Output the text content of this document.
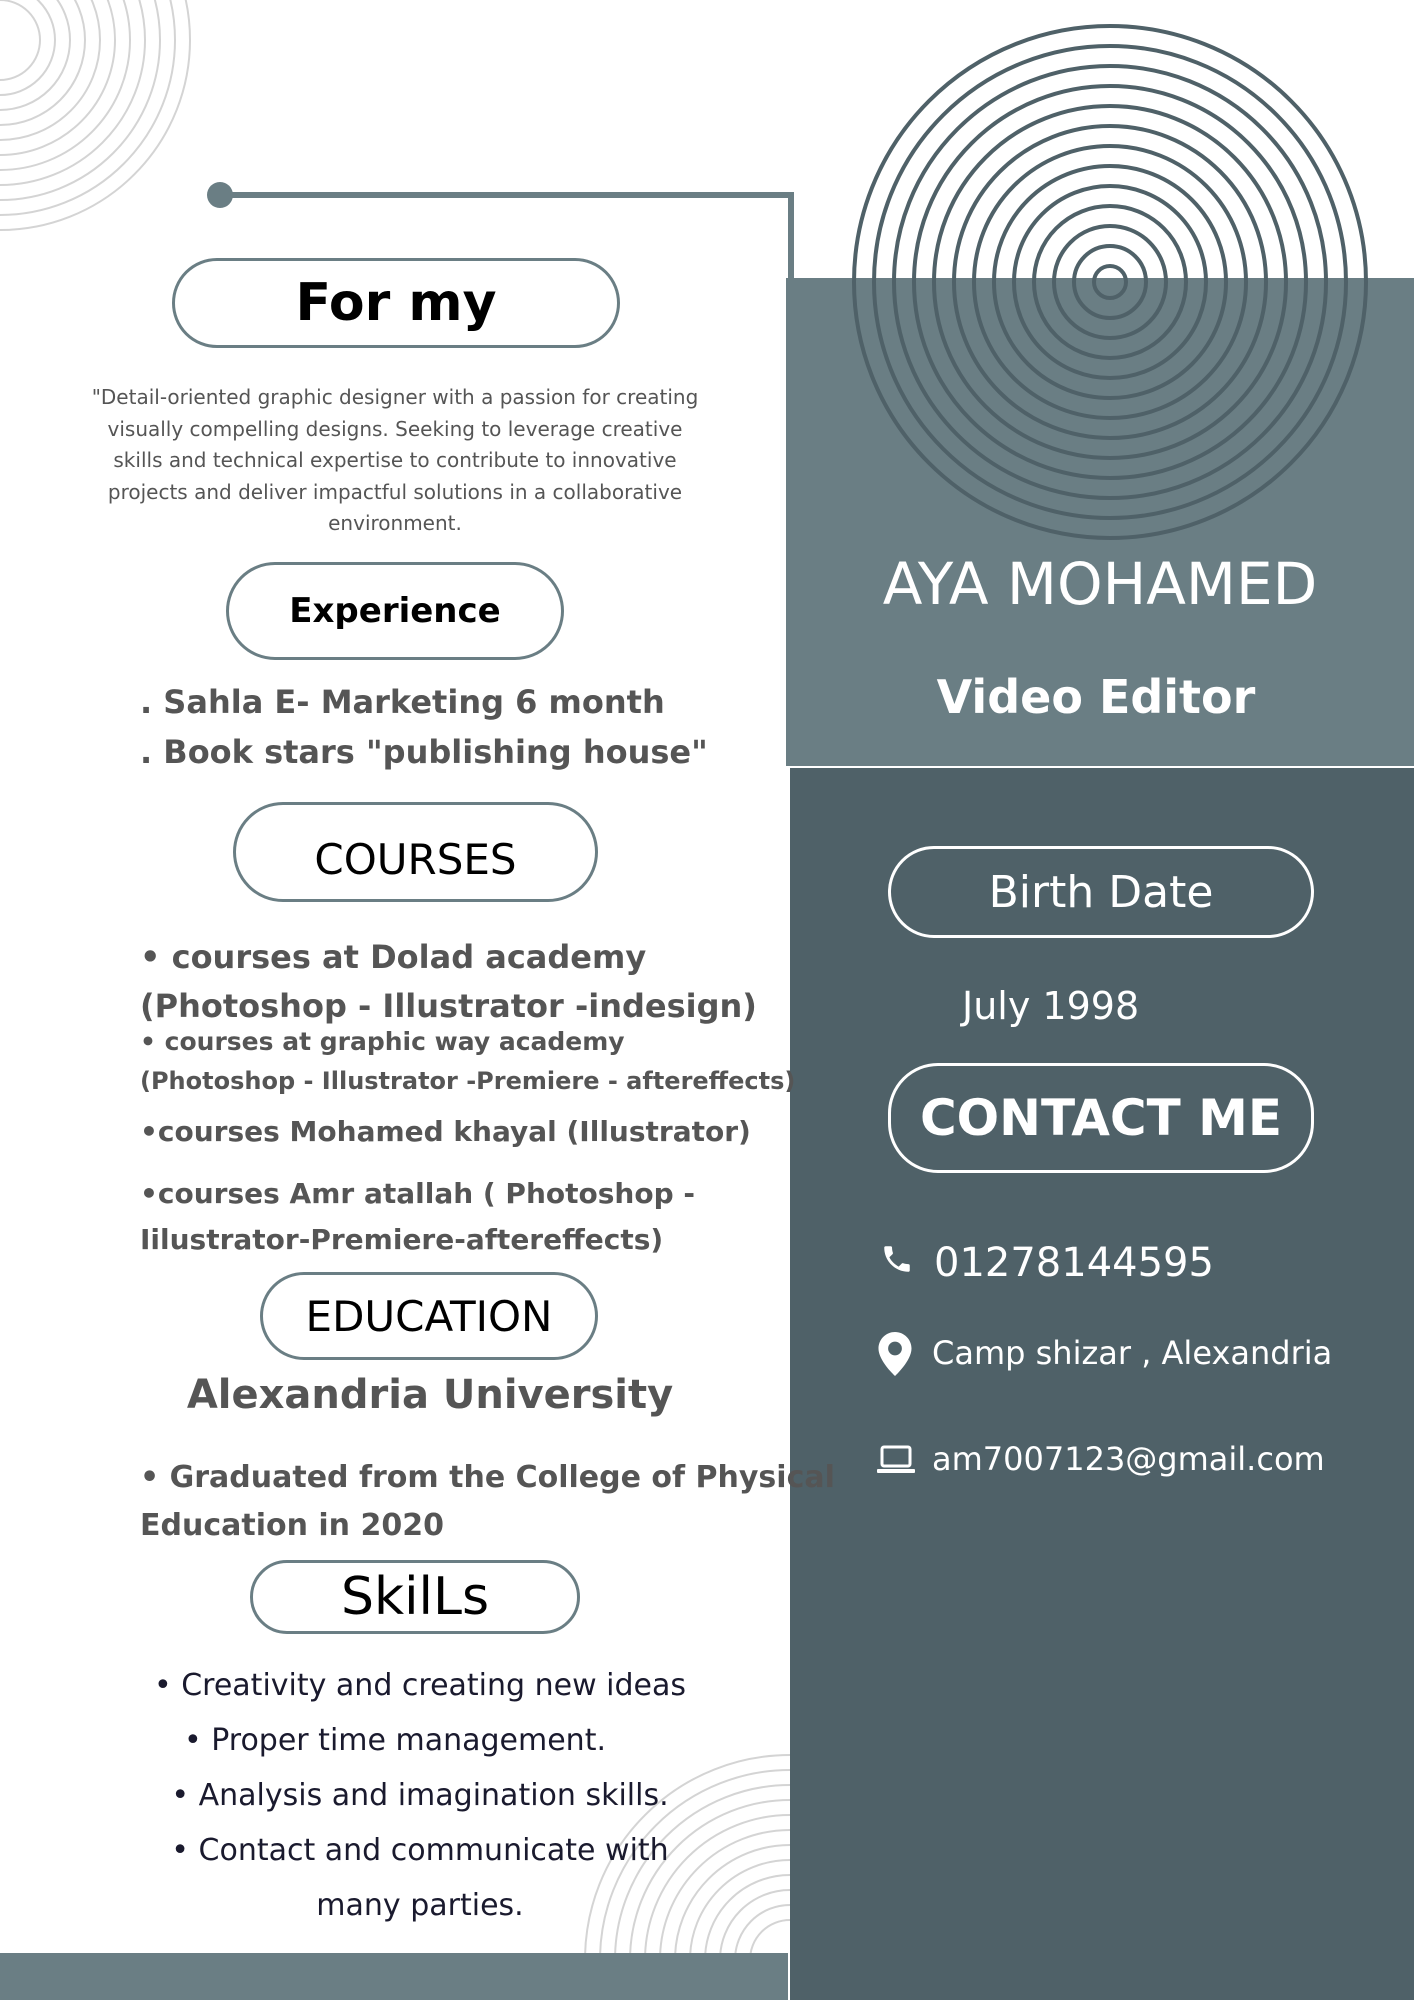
AYA MOHAMED
Video Editor
For my
"Detail-oriented graphic designer with a passion for creating
visually compelling designs. Seeking to leverage creative
skills and technical expertise to contribute to innovative
projects and deliver impactful solutions in a collaborative
environment.
Experience
. Sahla E- Marketing 6 month
. Book stars "publishing house"
COURSES
• courses at Dolad academy
(Photoshop - Illustrator -indesign)
• courses at graphic way academy
(Photoshop - Illustrator -Premiere - aftereffects)
•courses Mohamed khayal (Illustrator)
•courses Amr atallah ( Photoshop -
Iilustrator-Premiere-aftereffects)
EDUCATION
Alexandria University
• Graduated from the College of Physical
Education in 2020
SkilLs
• Creativity and creating new ideas
• Proper time management.
• Analysis and imagination skills.
• Contact and communicate with
many parties.
Birth Date
July 1998
CONTACT ME
01278144595
Camp shizar , Alexandria
am7007123@gmail.com
